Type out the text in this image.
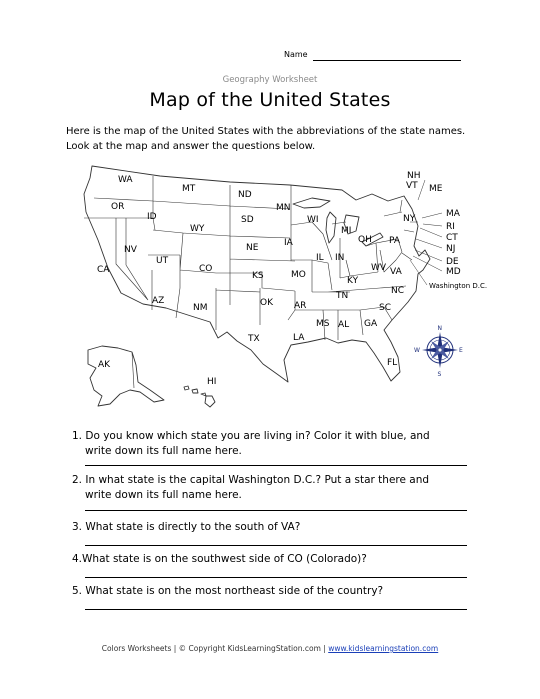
Name
Geography Worksheet
Map of the United States
Here is the map of the United States with the abbreviations of the state names.
Look at the map and answer the questions below.
WA
OR
CA
ID
NV
MT
WY
UT
AZ
CO
NM
ND
SD
NE
KS
OK
TX
MN
IA
MO
AR
LA
WI
IL
MI
IN
OH
KY
TN
MS AL GA
FL
SC
NC
VA
WV
PA
NY
NH
VT ME
MA
RI
CT
NJ
DE
MD
AK
HI
Washington D.C.
N
S
E
W
1. Do you know which state you are living in? Color it with blue, and
write down its full name here.
2. In what state is the capital Washington D.C.? Put a star there and
write down its full name here.
3. What state is directly to the south of VA?
4.What state is on the southwest side of CO (Colorado)?
5. What state is on the most northeast side of the country?
Colors Worksheets | © Copyright KidsLearningStation.com | www.kidslearningstation.com
